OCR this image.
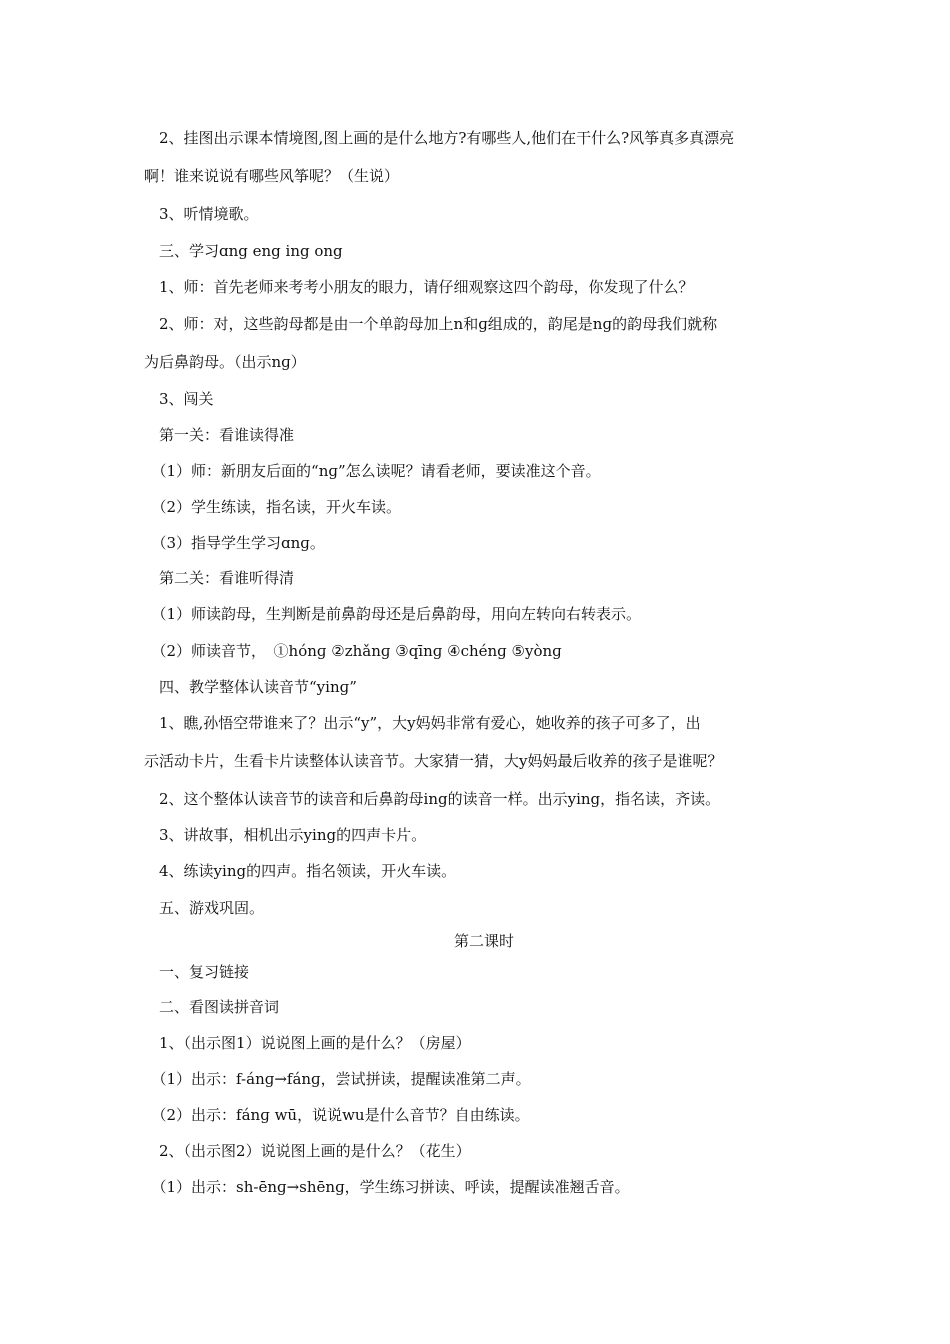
　2、挂图出示课本情境图,图上画的是什么地方?有哪些人,他们在干什么?风筝真多真漂亮
啊！谁来说说有哪些风筝呢？（生说）
　3、听情境歌。
　三、学习ɑng eng ing ong
　1、师：首先老师来考考小朋友的眼力，请仔细观察这四个韵母，你发现了什么？
　2、师：对，这些韵母都是由一个单韵母加上n和ɡ组成的，韵尾是nɡ的韵母我们就称
为后鼻韵母。（出示nɡ）
　3、闯关
　第一关：看谁读得准
　（1）师：新朋友后面的“nɡ”怎么读呢？请看老师，要读准这个音。
　（2）学生练读，指名读，开火车读。
　（3）指导学生学习ɑnɡ。
　第二关：看谁听得清
　（1）师读韵母，生判断是前鼻韵母还是后鼻韵母，用向左转向右转表示。
　（2）师读音节，　①hónɡ ②zhǎnɡ ③qīnɡ ④chénɡ ⑤yònɡ
　四、教学整体认读音节“yinɡ”
　1、瞧,孙悟空带谁来了？出示“y”，大y妈妈非常有爱心，她收养的孩子可多了，出
示活动卡片，生看卡片读整体认读音节。大家猜一猜，大y妈妈最后收养的孩子是谁呢？
　2、这个整体认读音节的读音和后鼻韵母ing的读音一样。出示ying，指名读，齐读。
　3、讲故事，相机出示ying的四声卡片。
　4、练读ying的四声。指名领读，开火车读。
　五、游戏巩固。
第二课时
　一、复习链接
　二、看图读拼音词
　1、（出示图1）说说图上画的是什么？（房屋）
　（1）出示：f-ánɡ→fánɡ，尝试拼读，提醒读准第二声。
　（2）出示：fánɡ wū，说说wu是什么音节？自由练读。
　2、（出示图2）说说图上画的是什么？（花生）
　（1）出示：sh-ēnɡ→shēnɡ，学生练习拼读、呼读，提醒读准翘舌音。
